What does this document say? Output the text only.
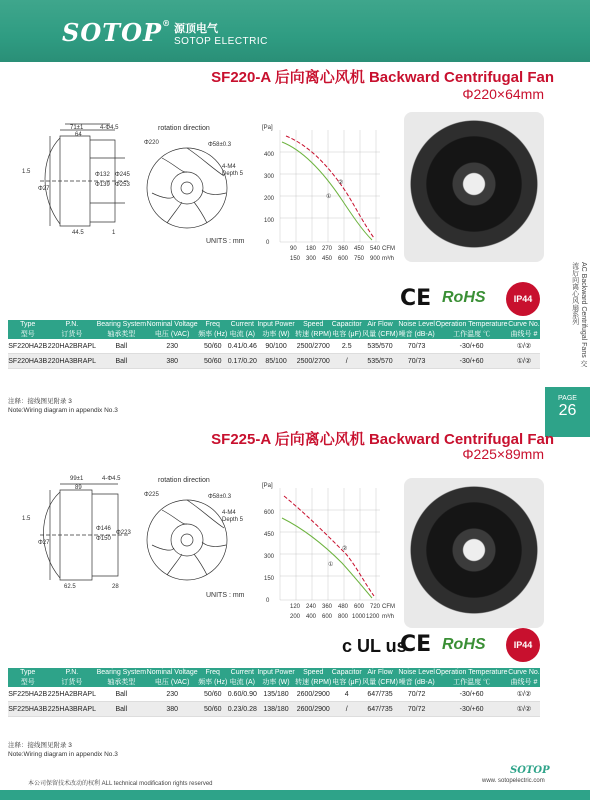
SOTOP® 源顶电气
SOTOP ELECTRIC
SF220-A 后向离心风机 Backward Centrifugal Fan
Φ220×64mm
71±1
64
4-Φ4.5
1.5
Φ27
Φ132
Φ139
Φ245
Φ253
44.5	1
rotation direction
Φ220	Φ58±0.3
4-M4
Depth 5
UNITS : mm
[Pa]
0
100
200
300
400
90 180 270 360 450 540 CFM
150 300 450 600 750 900 m³/h
①
②
CE RoHS	IP44
Type	P.N.	Bearing System	Nominal Voltage	Freq	Current	Input Power	Speed	Capacitor	Air Flow	Noise Level	Operation Temperature	Curve No.
型号	订货号	轴承类型	电压 (VAC)	频率 (Hz)	电流 (A)	功率 (W)	转速 (RPM)	电容 (μF)	风量 (CFM)	噪音 (dB-A)	工作温度 ℃	曲线号 #
SF220HA2B	220HA2BRAPL	Ball	230	50/60	0.41/0.46	90/100	2500/2700	2.5	535/570	70/73	-30/+60	①/②
SF220HA3B	220HA3BRAPL	Ball	380	50/60	0.17/0.20	85/100	2500/2700	/	535/570	70/73	-30/+60	①/②
注释：接线图见附录 3
Note:Wiring diagram in appendix No.3
AC Backward Centrifugal Fans 交流后向离心风扇系列
PAGE
26
SF225-A 后向离心风机 Backward Centrifugal Fan
Φ225×89mm
99±1
89
4-Φ4.5
1.5
Φ27
Φ146
Φ150
Φ223
62.5	28
rotation direction
Φ225	Φ58±0.3
4-M4
Depth 5
UNITS : mm
[Pa]
0
150
300
450
600
120 240 360 480 600 720 CFM
200 400 600 800 1000 1200 m³/h
①
②
c UL us
CE RoHS	IP44
Type	P.N.	Bearing System	Nominal Voltage	Freq	Current	Input Power	Speed	Capacitor	Air Flow	Noise Level	Operation Temperature	Curve No.
型号	订货号	轴承类型	电压 (VAC)	频率 (Hz)	电流 (A)	功率 (W)	转速 (RPM)	电容 (μF)	风量 (CFM)	噪音 (dB-A)	工作温度 ℃	曲线号 #
SF225HA2B	225HA2BRAPL	Ball	230	50/60	0.60/0.90	135/180	2600/2900	4	647/735	70/72	-30/+60	①/②
SF225HA3B	225HA3BRAPL	Ball	380	50/60	0.23/0.28	138/180	2600/2900	/	647/735	70/72	-30/+60	①/②
注释：接线图见附录 3
Note:Wiring diagram in appendix No.3
本公司保留技术改动的权利 ALL technical modification rights reserved
SOTOP
www. sotopelectric.com
